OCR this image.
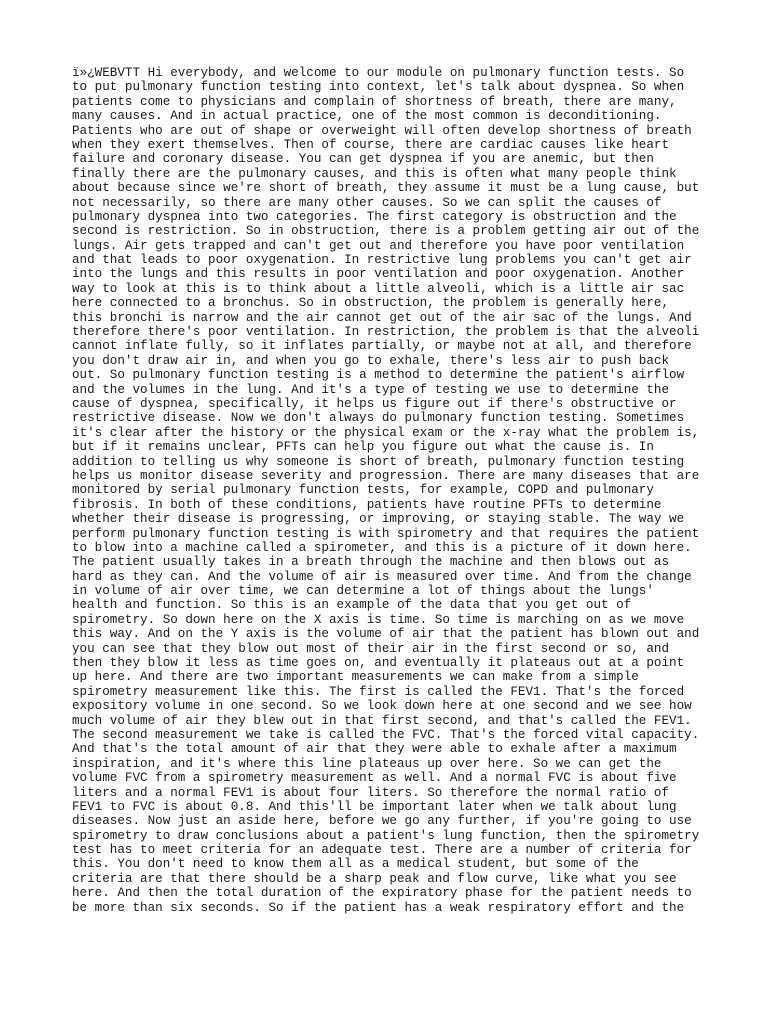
ï»¿WEBVTT Hi everybody, and welcome to our module on pulmonary function tests. So
to put pulmonary function testing into context, let's talk about dyspnea. So when
patients come to physicians and complain of shortness of breath, there are many,
many causes. And in actual practice, one of the most common is deconditioning.
Patients who are out of shape or overweight will often develop shortness of breath
when they exert themselves. Then of course, there are cardiac causes like heart
failure and coronary disease. You can get dyspnea if you are anemic, but then
finally there are the pulmonary causes, and this is often what many people think
about because since we're short of breath, they assume it must be a lung cause, but
not necessarily, so there are many other causes. So we can split the causes of
pulmonary dyspnea into two categories. The first category is obstruction and the
second is restriction. So in obstruction, there is a problem getting air out of the
lungs. Air gets trapped and can't get out and therefore you have poor ventilation
and that leads to poor oxygenation. In restrictive lung problems you can't get air
into the lungs and this results in poor ventilation and poor oxygenation. Another
way to look at this is to think about a little alveoli, which is a little air sac
here connected to a bronchus. So in obstruction, the problem is generally here,
this bronchi is narrow and the air cannot get out of the air sac of the lungs. And
therefore there's poor ventilation. In restriction, the problem is that the alveoli
cannot inflate fully, so it inflates partially, or maybe not at all, and therefore
you don't draw air in, and when you go to exhale, there's less air to push back
out. So pulmonary function testing is a method to determine the patient's airflow
and the volumes in the lung. And it's a type of testing we use to determine the
cause of dyspnea, specifically, it helps us figure out if there's obstructive or
restrictive disease. Now we don't always do pulmonary function testing. Sometimes
it's clear after the history or the physical exam or the x-ray what the problem is,
but if it remains unclear, PFTs can help you figure out what the cause is. In
addition to telling us why someone is short of breath, pulmonary function testing
helps us monitor disease severity and progression. There are many diseases that are
monitored by serial pulmonary function tests, for example, COPD and pulmonary
fibrosis. In both of these conditions, patients have routine PFTs to determine
whether their disease is progressing, or improving, or staying stable. The way we
perform pulmonary function testing is with spirometry and that requires the patient
to blow into a machine called a spirometer, and this is a picture of it down here.
The patient usually takes in a breath through the machine and then blows out as
hard as they can. And the volume of air is measured over time. And from the change
in volume of air over time, we can determine a lot of things about the lungs'
health and function. So this is an example of the data that you get out of
spirometry. So down here on the X axis is time. So time is marching on as we move
this way. And on the Y axis is the volume of air that the patient has blown out and
you can see that they blow out most of their air in the first second or so, and
then they blow it less as time goes on, and eventually it plateaus out at a point
up here. And there are two important measurements we can make from a simple
spirometry measurement like this. The first is called the FEV1. That's the forced
expository volume in one second. So we look down here at one second and we see how
much volume of air they blew out in that first second, and that's called the FEV1.
The second measurement we take is called the FVC. That's the forced vital capacity.
And that's the total amount of air that they were able to exhale after a maximum
inspiration, and it's where this line plateaus up over here. So we can get the
volume FVC from a spirometry measurement as well. And a normal FVC is about five
liters and a normal FEV1 is about four liters. So therefore the normal ratio of
FEV1 to FVC is about 0.8. And this'll be important later when we talk about lung
diseases. Now just an aside here, before we go any further, if you're going to use
spirometry to draw conclusions about a patient's lung function, then the spirometry
test has to meet criteria for an adequate test. There are a number of criteria for
this. You don't need to know them all as a medical student, but some of the
criteria are that there should be a sharp peak and flow curve, like what you see
here. And then the total duration of the expiratory phase for the patient needs to
be more than six seconds. So if the patient has a weak respiratory effort and the
